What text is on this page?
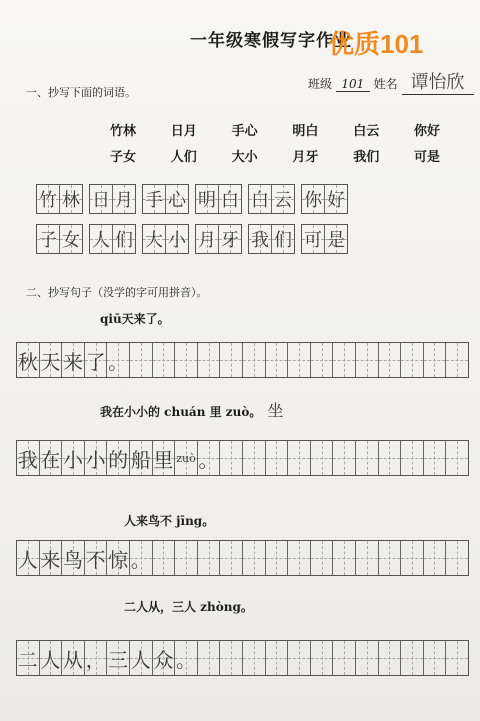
一年级寒假写字作业
优质101
班级 101 姓名 谭怡欣
一、抄写下面的词语。
竹林	日月	手心	明白	白云	你好
子女	人们	大小	月牙	我们	可是
竹 林 日 月 手 心 明 白 白 云 你 好
子 女 人 们 大 小 月 牙 我 们 可 是
二、抄写句子（没学的字可用拼音）。
qiū天来了。
秋 天 来 了 。
我在小小的 chuán 里 zuò。 坐
我 在 小 小 的 船 里 zuò 。
人来鸟不 jīng。
人 来 鸟 不 惊 。
二人从，三人 zhòng。
二 人 从 ， 三 人 众 。
